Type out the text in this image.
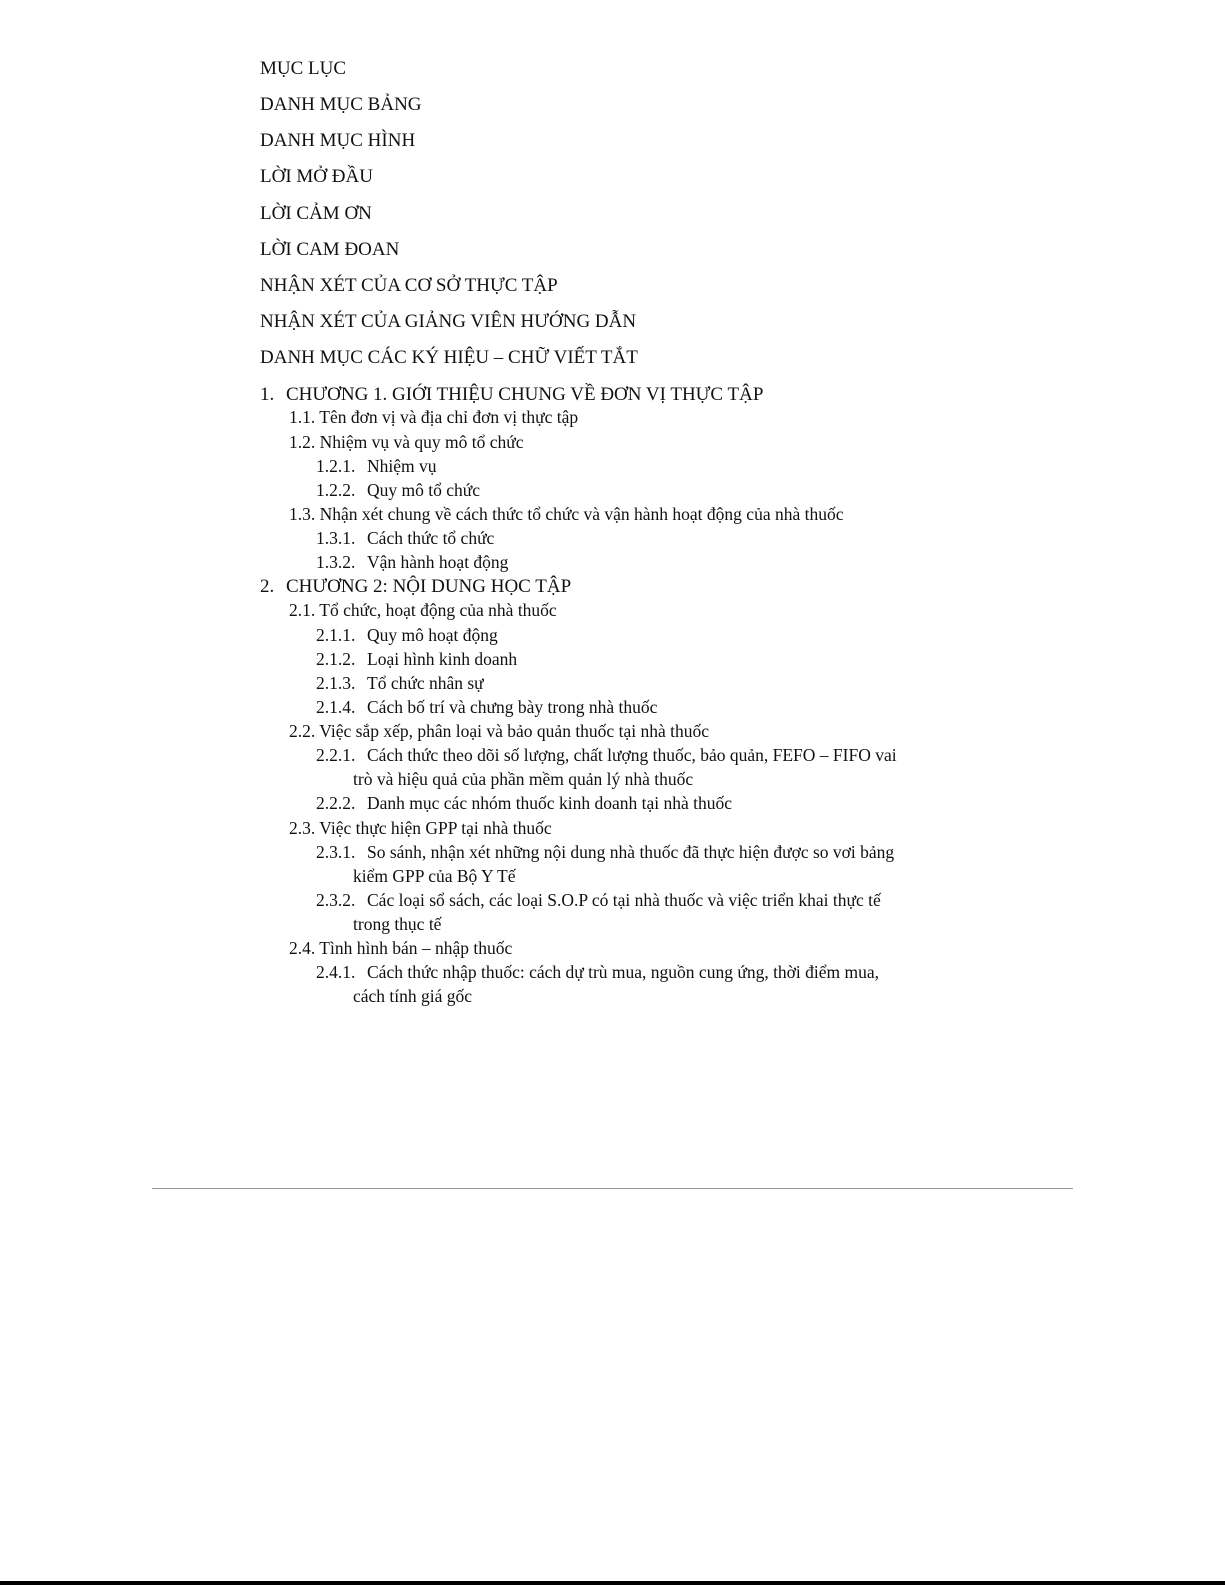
MỤC LỤC
DANH MỤC BẢNG
DANH MỤC HÌNH
LỜI MỞ ĐẦU
LỜI CẢM ƠN
LỜI CAM ĐOAN
NHẬN XÉT CỦA CƠ SỞ THỰC TẬP
NHẬN XÉT CỦA GIẢNG VIÊN HƯỚNG DẪN
DANH MỤC CÁC KÝ HIỆU – CHỮ VIẾT TẮT
1. CHƯƠNG 1. GIỚI THIỆU CHUNG VỀ ĐƠN VỊ THỰC TẬP
1.1. Tên đơn vị và địa chỉ đơn vị thực tập
1.2. Nhiệm vụ và quy mô tổ chức
1.2.1. Nhiệm vụ
1.2.2. Quy mô tổ chức
1.3. Nhận xét chung về cách thức tổ chức và vận hành hoạt động của nhà thuốc
1.3.1. Cách thức tổ chức
1.3.2. Vận hành hoạt động
2. CHƯƠNG 2: NỘI DUNG HỌC TẬP
2.1. Tổ chức, hoạt động của nhà thuốc
2.1.1. Quy mô hoạt động
2.1.2. Loại hình kinh doanh
2.1.3. Tổ chức nhân sự
2.1.4. Cách bố trí và chưng bày trong nhà thuốc
2.2. Việc sắp xếp, phân loại và bảo quản thuốc tại nhà thuốc
2.2.1. Cách thức theo dõi số lượng, chất lượng thuốc, bảo quản, FEFO – FIFO vai
trò và hiệu quả của phần mềm quản lý nhà thuốc
2.2.2. Danh mục các nhóm thuốc kinh doanh tại nhà thuốc
2.3. Việc thực hiện GPP tại nhà thuốc
2.3.1. So sánh, nhận xét những nội dung nhà thuốc đã thực hiện được so vơi bảng
kiểm GPP của Bộ Y Tế
2.3.2. Các loại sổ sách, các loại S.O.P có tại nhà thuốc và việc triển khai thực tế
trong thục tế
2.4. Tình hình bán – nhập thuốc
2.4.1. Cách thức nhập thuốc: cách dự trù mua, nguồn cung ứng, thời điểm mua,
cách tính giá gốc
